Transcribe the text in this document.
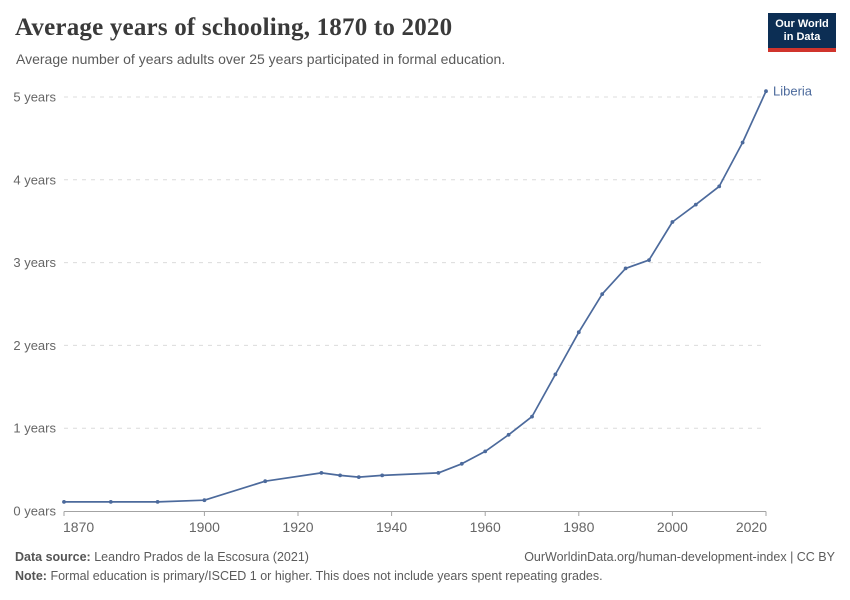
Average years of schooling, 1870 to 2020

Average number of years adults over 25 years participated in formal education.

Our World
in Data
0 years
1 years
2 years
3 years
4 years
5 years
1870	1900	1920	1940	1960	1980	2000	2020
Liberia
Data source: Leandro Prados de la Escosura (2021)	OurWorldinData.org/human-development-index | CC BY
Note: Formal education is primary/ISCED 1 or higher. This does not include years spent repeating grades.
